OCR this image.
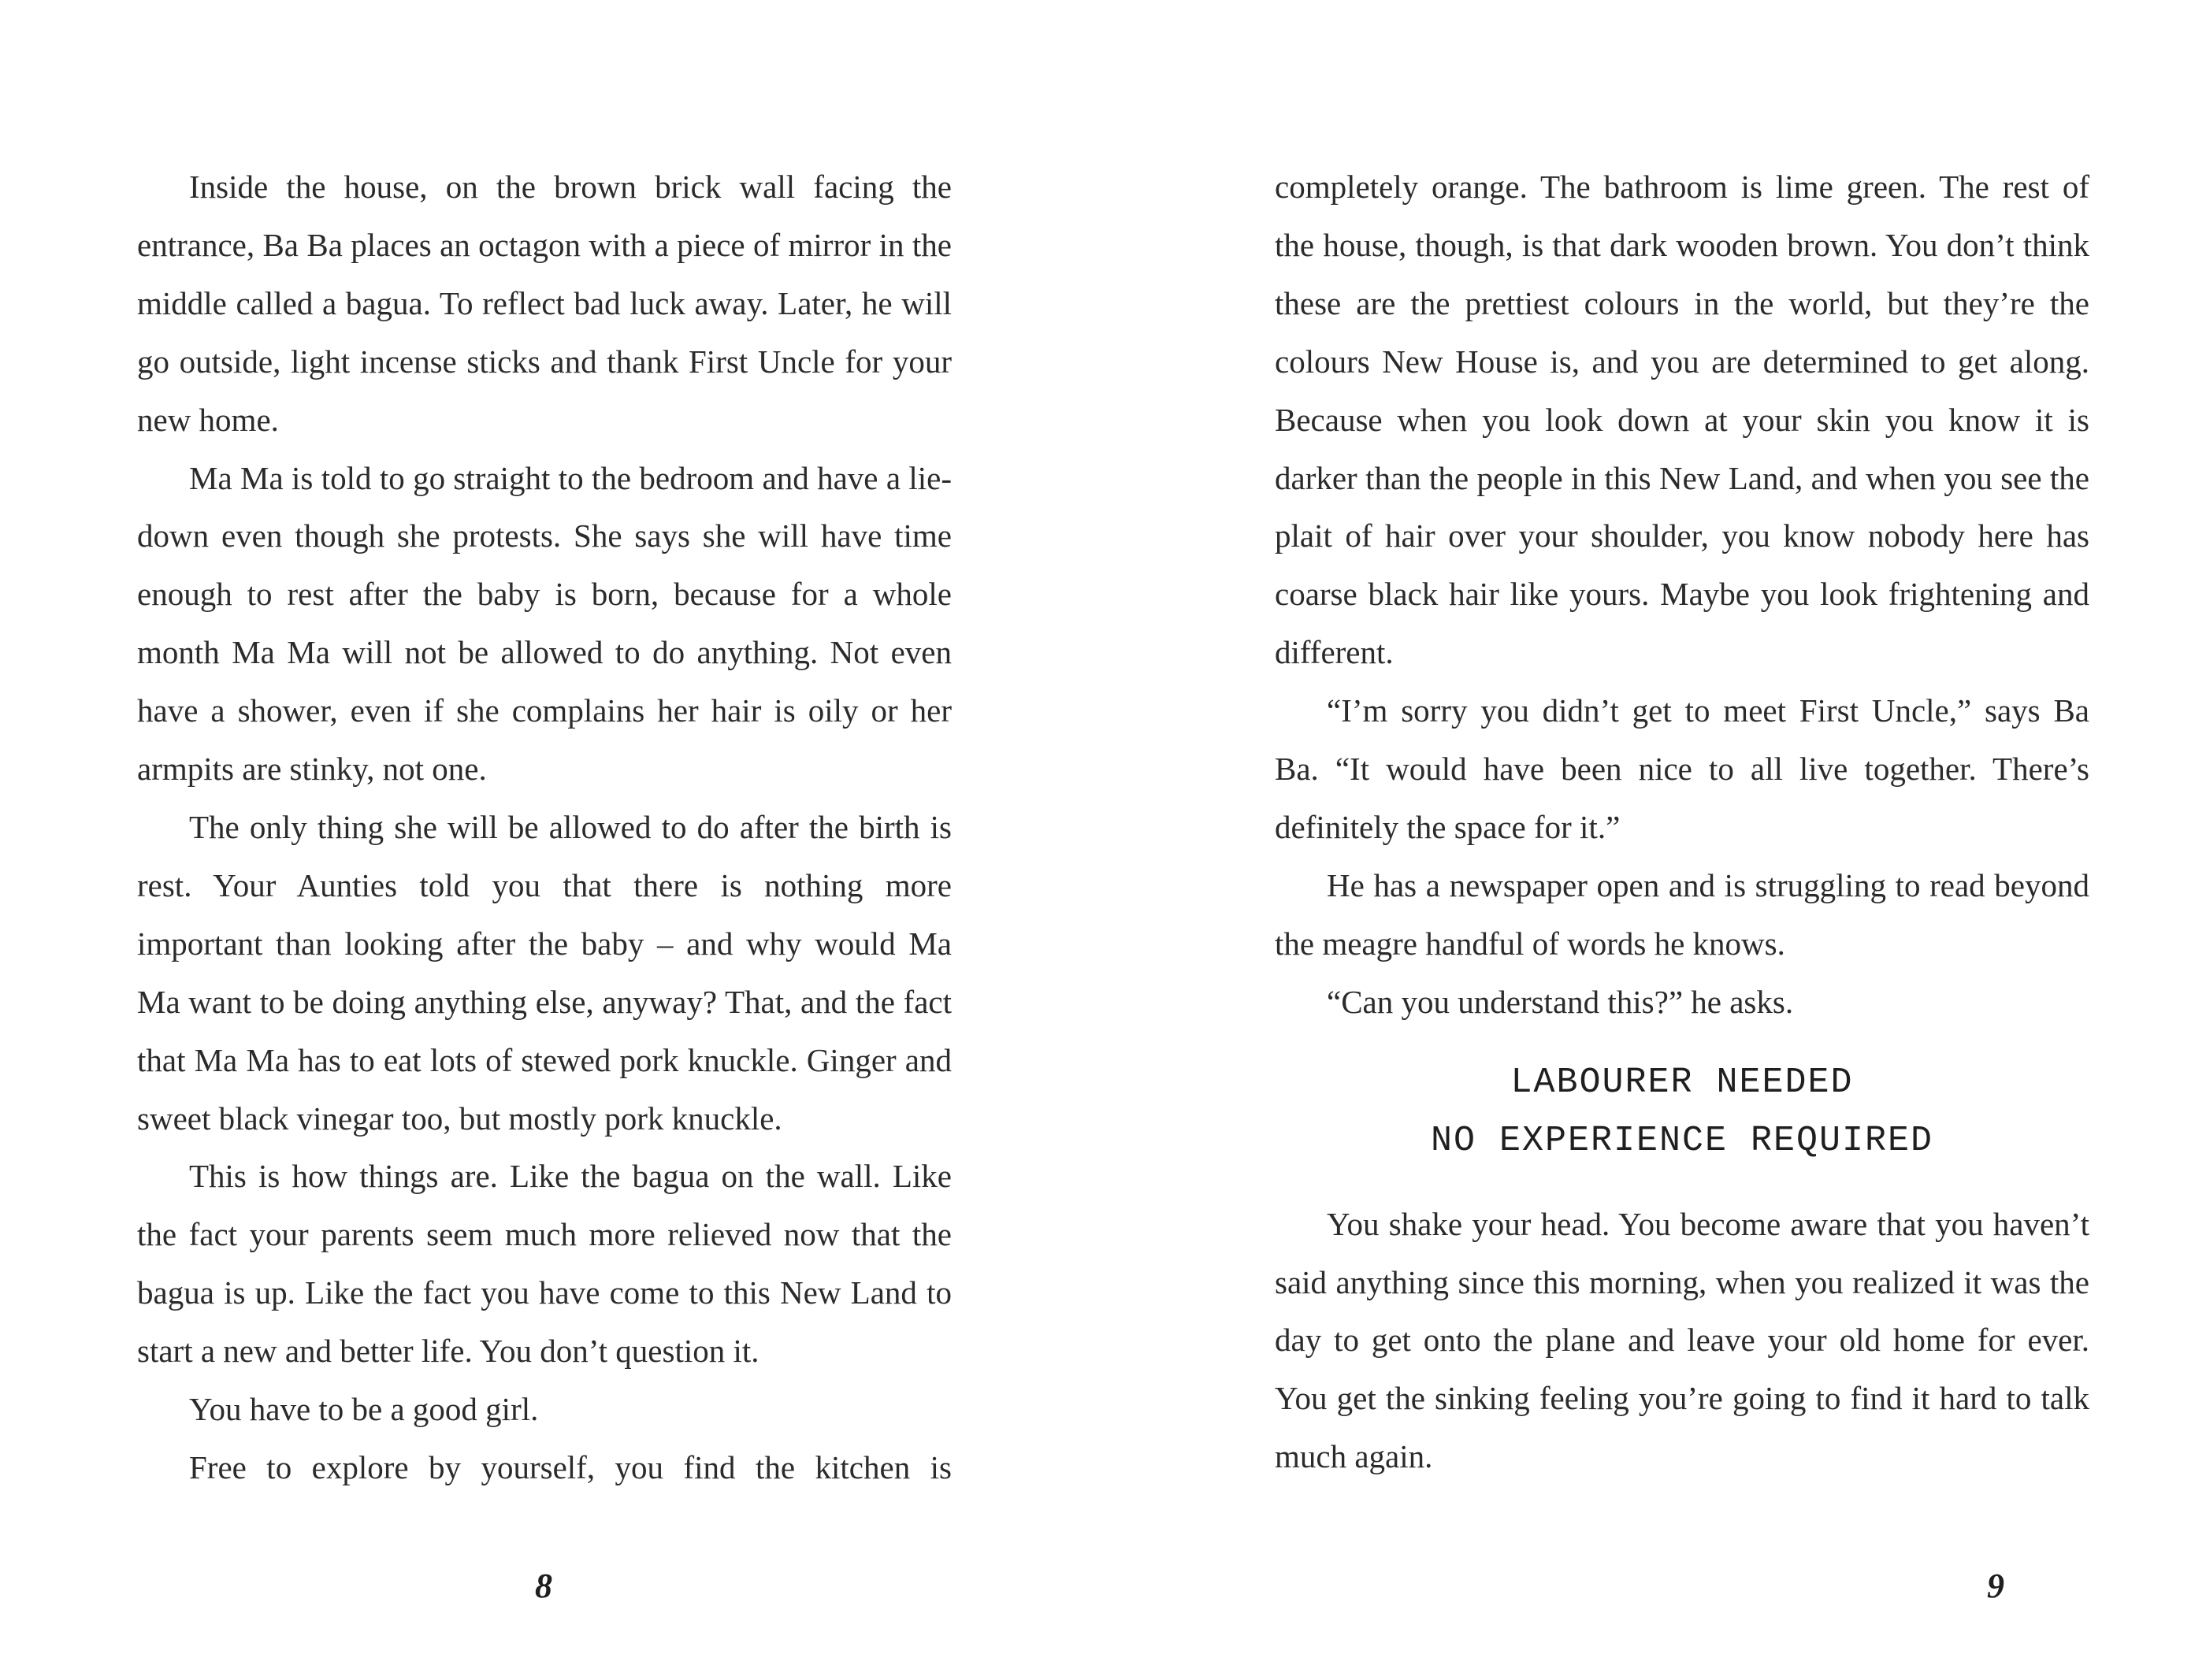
Inside the house, on the brown brick wall facing the entrance, Ba Ba places an octagon with a piece of mirror in the middle called a bagua. To reflect bad luck away. Later, he will go outside, light incense sticks and thank First Uncle for your new home.

Ma Ma is told to go straight to the bedroom and have a lie-down even though she protests. She says she will have time enough to rest after the baby is born, because for a whole month Ma Ma will not be allowed to do anything. Not even have a shower, even if she complains her hair is oily or her armpits are stinky, not one.

The only thing she will be allowed to do after the birth is rest. Your Aunties told you that there is nothing more important than looking after the baby – and why would Ma Ma want to be doing anything else, anyway? That, and the fact that Ma Ma has to eat lots of stewed pork knuckle. Ginger and sweet black vinegar too, but mostly pork knuckle.

This is how things are. Like the bagua on the wall. Like the fact your parents seem much more relieved now that the bagua is up. Like the fact you have come to this New Land to start a new and better life. You don’t question it.

You have to be a good girl.

Free to explore by yourself, you find the kitchen is

8

completely orange. The bathroom is lime green. The rest of the house, though, is that dark wooden brown. You don’t think these are the prettiest colours in the world, but they’re the colours New House is, and you are determined to get along. Because when you look down at your skin you know it is darker than the people in this New Land, and when you see the plait of hair over your shoulder, you know nobody here has coarse black hair like yours. Maybe you look frightening and different.

“I’m sorry you didn’t get to meet First Uncle,” says Ba Ba. “It would have been nice to all live together. There’s definitely the space for it.”

He has a newspaper open and is struggling to read beyond the meagre handful of words he knows.

“Can you understand this?” he asks.

LABOURER NEEDED
NO EXPERIENCE REQUIRED

You shake your head. You become aware that you haven’t said anything since this morning, when you realized it was the day to get onto the plane and leave your old home for ever. You get the sinking feeling you’re going to find it hard to talk much again.

9
